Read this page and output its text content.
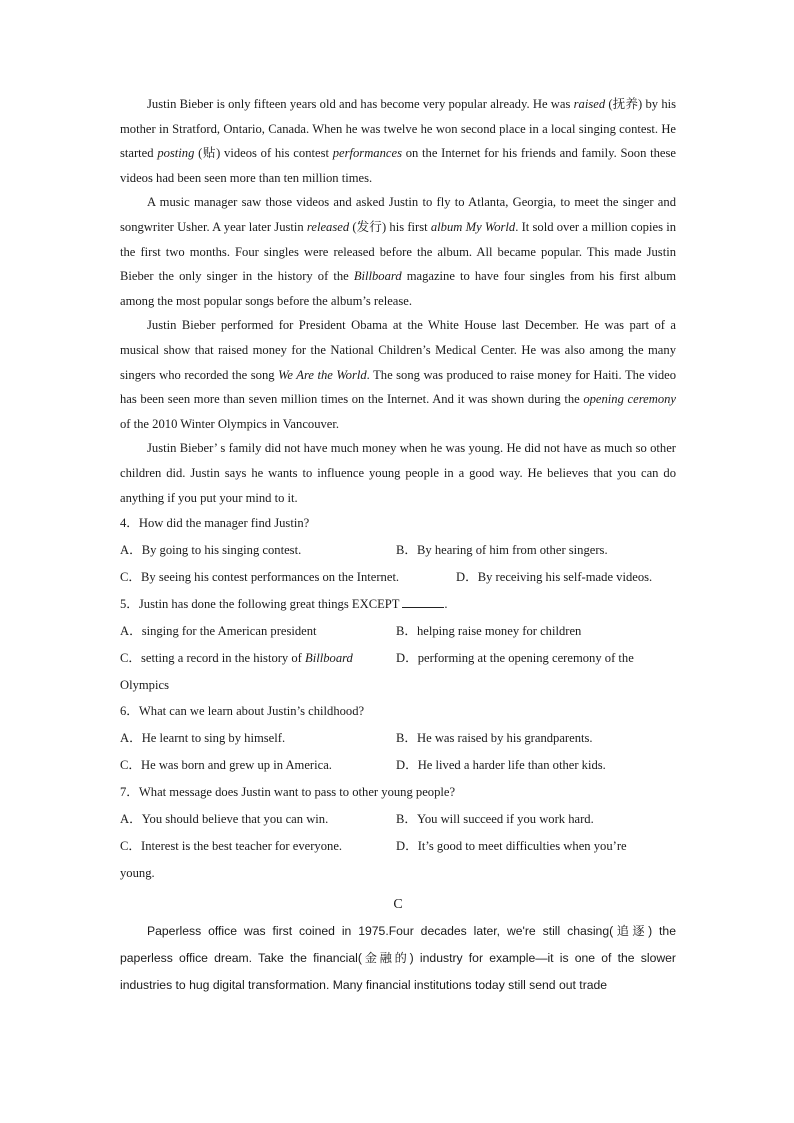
Justin Bieber is only fifteen years old and has become very popular already. He was raised (抚养) by his mother in Stratford, Ontario, Canada. When he was twelve he won second place in a local singing contest. He started posting (贴) videos of his contest performances on the Internet for his friends and family. Soon these videos had been seen more than ten million times.

A music manager saw those videos and asked Justin to fly to Atlanta, Georgia, to meet the singer and songwriter Usher. A year later Justin released (发行) his first album My World. It sold over a million copies in the first two months. Four singles were released before the album. All became popular. This made Justin Bieber the only singer in the history of the Billboard magazine to have four singles from his first album among the most popular songs before the album’s release.

Justin Bieber performed for President Obama at the White House last December. He was part of a musical show that raised money for the National Children’s Medical Center. He was also among the many singers who recorded the song We Are the World. The song was produced to raise money for Haiti. The video has been seen more than seven million times on the Internet. And it was shown during the opening ceremony of the 2010 Winter Olympics in Vancouver.

Justin Bieber’ s family did not have much money when he was young. He did not have as much so other children did. Justin says he wants to influence young people in a good way. He believes that you can do anything if you put your mind to it.

4．How did the manager find Justin?
A．By going to his singing contest.	B．By hearing of him from other singers.
C．By seeing his contest performances on the Internet.	D．By receiving his self-made videos.
5．Justin has done the following great things EXCEPT	.
A．singing for the American president	B．helping raise money for children
C．setting a record in the history of Billboard	D．performing at the opening ceremony of the
Olympics
6．What can we learn about Justin’s childhood?
A．He learnt to sing by himself.	B．He was raised by his grandparents.
C．He was born and grew up in America.	D．He lived a harder life than other kids.
7．What message does Justin want to pass to other young people?
A．You should believe that you can win.	B．You will succeed if you work hard.
C．Interest is the best teacher for everyone.	D．It’s good to meet difficulties when you’re
young.
C

Paperless office was first coined in 1975.Four decades later, we're still chasing(追逐) the paperless office dream. Take the financial(金融的) industry for example—it is one of the slower industries to hug digital transformation. Many financial institutions today still send out trade
